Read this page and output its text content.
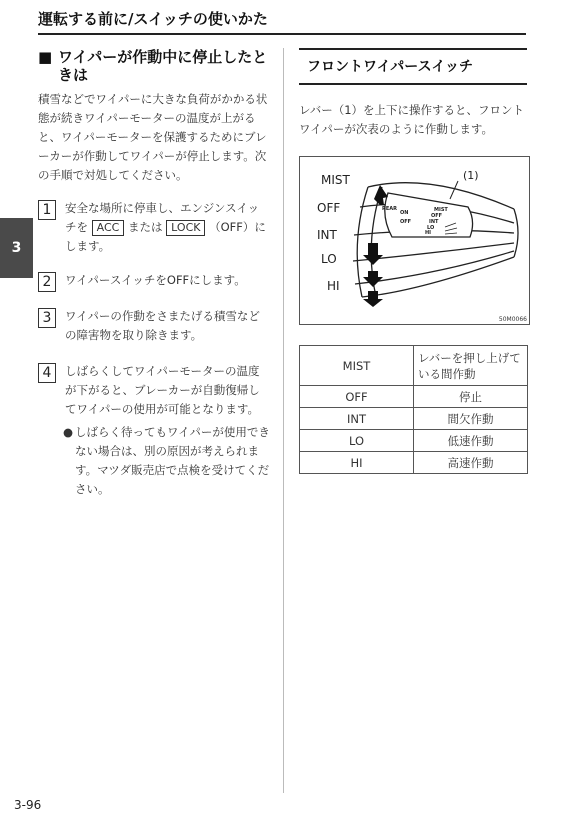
運転する前に/スイッチの使いかた
3
■ ワイパーが作動中に停止したときは
積雪などでワイパーに大きな負荷がかかる状態が続きワイパーモーターの温度が上がると、ワイパーモーターを保護するためにブレーカーが作動してワイパーが停止します。次の手順で対処してください。
1	安全な場所に停車し、エンジンスイッチを ACC または LOCK （OFF）にします。
2	ワイパースイッチをOFFにします。
3	ワイパーの作動をさまたげる積雪などの障害物を取り除きます。
4	しばらくしてワイパーモーターの温度が下がると、ブレーカーが自動復帰してワイパーの使用が可能となります。
● しばらく待ってもワイパーが使用できない場合は、別の原因が考えられます。マツダ販売店で点検を受けてください。
フロントワイパースイッチ
レバー（1）を上下に操作すると、フロントワイパーが次表のように作動します。
(1)
MIST
OFF
INT
LO
HI
REAR
ON
OFF
MIST
OFF
INT
LO
HI
50M0066
MIST	レバーを押し上げている間作動
OFF	停止
INT	間欠作動
LO	低速作動
HI	高速作動
3-96
